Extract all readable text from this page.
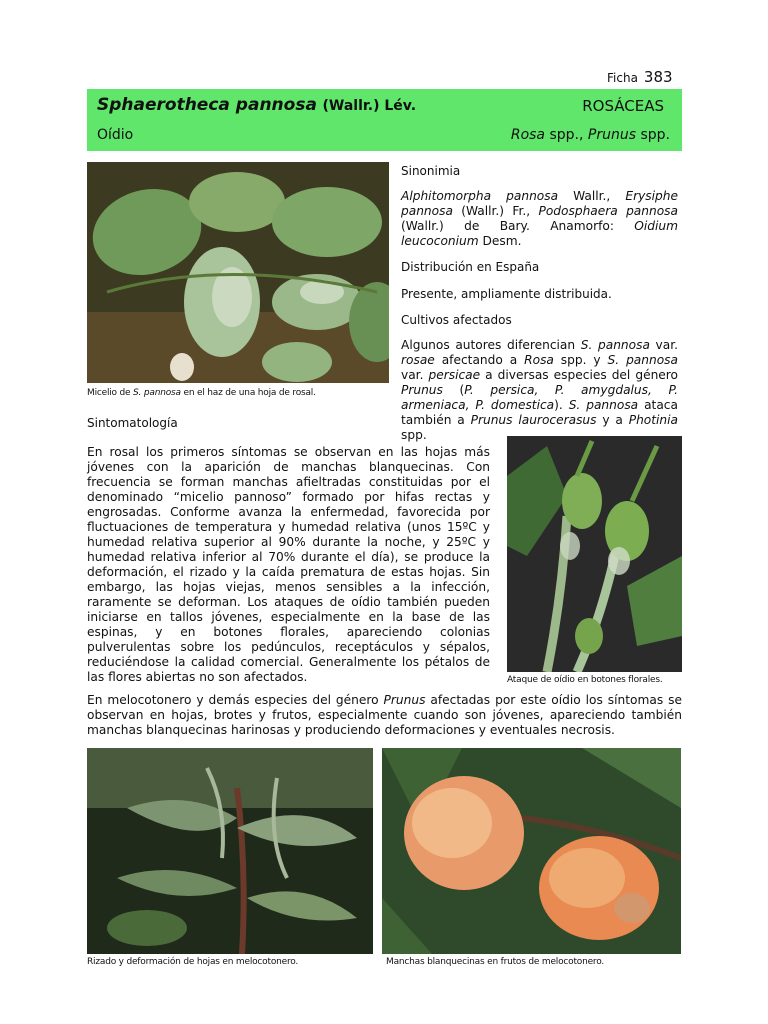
Ficha 383
Sphaerotheca pannosa (Wallr.) Lév.	ROSÁCEAS
Oídio	Rosa spp., Prunus spp.
Micelio de S. pannosa en el haz de una hoja de rosal.
Sinonimia
Alphitomorpha pannosa Wallr., Erysiphe pannosa (Wallr.) Fr., Podosphaera pannosa (Wallr.) de Bary. Anamorfo: Oidium leucoconium Desm.
Distribución en España
Presente, ampliamente distribuida.
Cultivos afectados
Algunos autores diferencian S. pannosa var. rosae afectando a Rosa spp. y S. pannosa var. persicae a diversas especies del género Prunus (P. persica, P. amygdalus, P. armeniaca, P. domestica). S. pannosa ataca también a Prunus laurocerasus y a Photinia spp.
Sintomatología
En rosal los primeros síntomas se observan en las hojas más jóvenes con la aparición de manchas blanquecinas. Con frecuencia se forman manchas afieltradas constituidas por el denominado “micelio pannoso” formado por hifas rectas y engrosadas. Conforme avanza la enfermedad, favorecida por fluctuaciones de temperatura y humedad relativa (unos 15ºC y humedad relativa superior al 90% durante la noche, y 25ºC y humedad relativa inferior al 70% durante el día), se produce la deformación, el rizado y la caída prematura de estas hojas. Sin embargo, las hojas viejas, menos sensibles a la infección, raramente se deforman. Los ataques de oídio también pueden iniciarse en tallos jóvenes, especialmente en la base de las espinas, y en botones florales, apareciendo colonias pulverulentas sobre los pedúnculos, receptáculos y sépalos, reduciéndose la calidad comercial. Generalmente los pétalos de las flores abiertas no son afectados.	Ataque de oídio en botones florales.
En melocotonero y demás especies del género Prunus afectadas por este oídio los síntomas se observan en hojas, brotes y frutos, especialmente cuando son jóvenes, apareciendo también manchas blanquecinas harinosas y produciendo deformaciones y eventuales necrosis.
Rizado y deformación de hojas en melocotonero.	Manchas blanquecinas en frutos de melocotonero.
